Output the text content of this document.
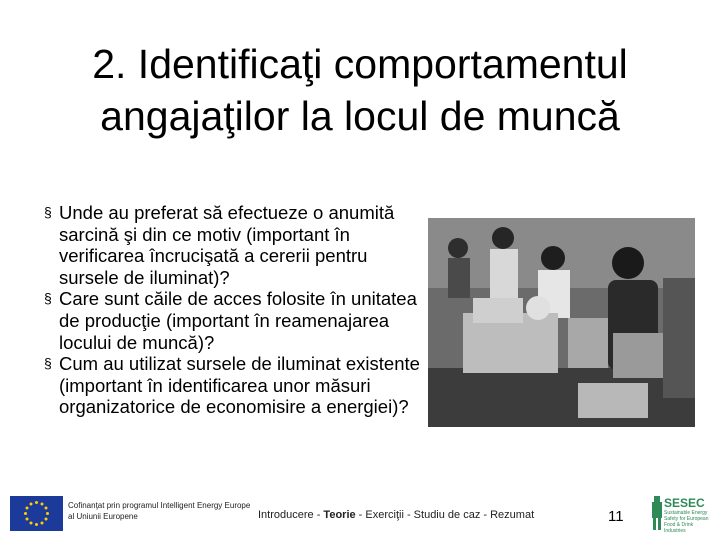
2. Identificaţi comportamentul
angajaţilor la locul de muncă
§ Unde au preferat să efectueze o anumită sarcină şi din ce motiv (important în verificarea încrucişată a cererii pentru sursele de iluminat)?
§ Care sunt căile de acces folosite în unitatea de producţie (important în reamenajarea locului de muncă)?
§ Cum au utilizat sursele de iluminat existente (important în identificarea unor măsuri organizatorice de economisire a energiei)?
Cofinanţat prin programul Intelligent Energy Europe
al Uniunii Europene	Introducere - Teorie - Exerciţii - Studiu de caz - Rezumat	11
SESEC
Sustainable Energy Safety for European Food & Drink Industries
